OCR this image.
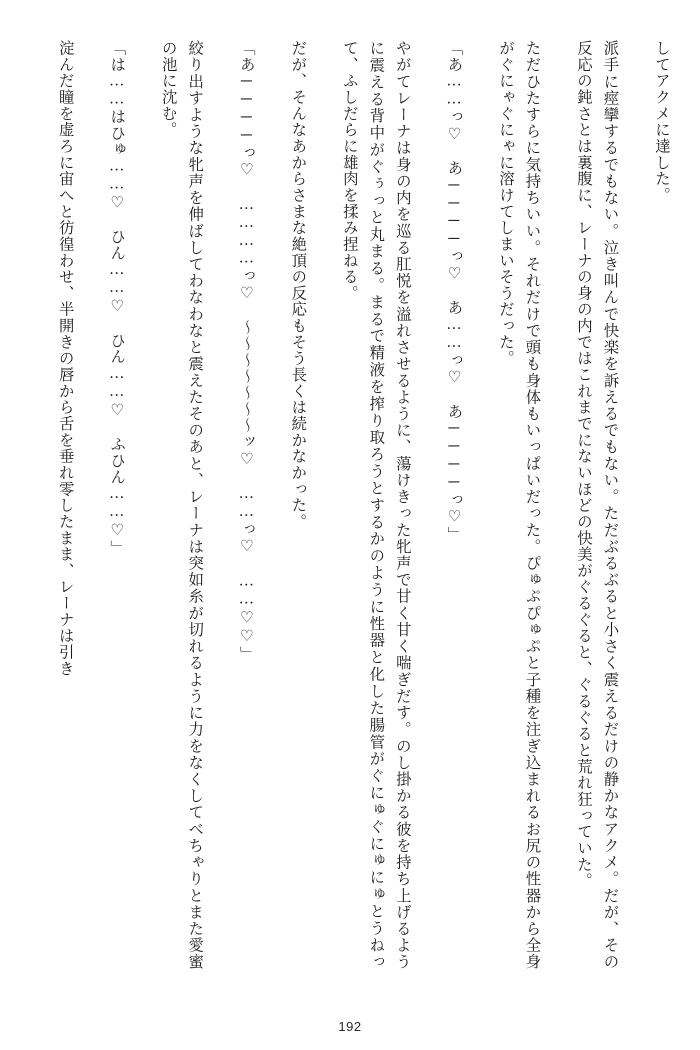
してアクメに達した。

派手に痙攣するでもない。泣き叫んで快楽を訴えるでもない。ただぶるぶると小さく震えるだけの静かなアクメ。だが、その反応の鈍さとは裏腹に、レーナの身の内ではこれまでにないほどの快美がぐるぐると、ぐるぐると荒れ狂っていた。

ただひたすらに気持ちいい。それだけで頭も身体もいっぱいだった。ぴゅぷぴゅぷと子種を注ぎ込まれるお尻の性器から全身がぐにゃぐにゃに溶けてしまいそうだった。

「あ……っ♡　あ────っ♡　あ……っ♡　あ────っ♡」

やがてレーナは身の内を巡る肛悦を溢れさせるように、蕩けきった牝声で甘く甘く喘ぎだす。のし掛かる彼を持ち上げるように震える背中がぐぅっと丸まる。まるで精液を搾り取ろうとするかのように性器と化した腸管がぐにゅぐにゅにゅとうねって、ふしだらに雄肉を揉み捏ねる。

だが、そんなあからさまな絶頂の反応もそう長くは続かなかった。

「あ────っ♡　…………っ♡　〜〜〜〜〜〜〜ッ♡　……っ♡　……♡♡」

絞り出すような牝声を伸ばしてわなわなと震えたそのあと、レーナは突如糸が切れるように力をなくしてべちゃりとまた愛蜜の池に沈む。

「は……はひゅ……♡　ひん……♡　ひん……♡　ふひん……♡」

淀んだ瞳を虚ろに宙へと彷徨わせ、半開きの唇から舌を垂れ零したまま、レーナは引き

192
